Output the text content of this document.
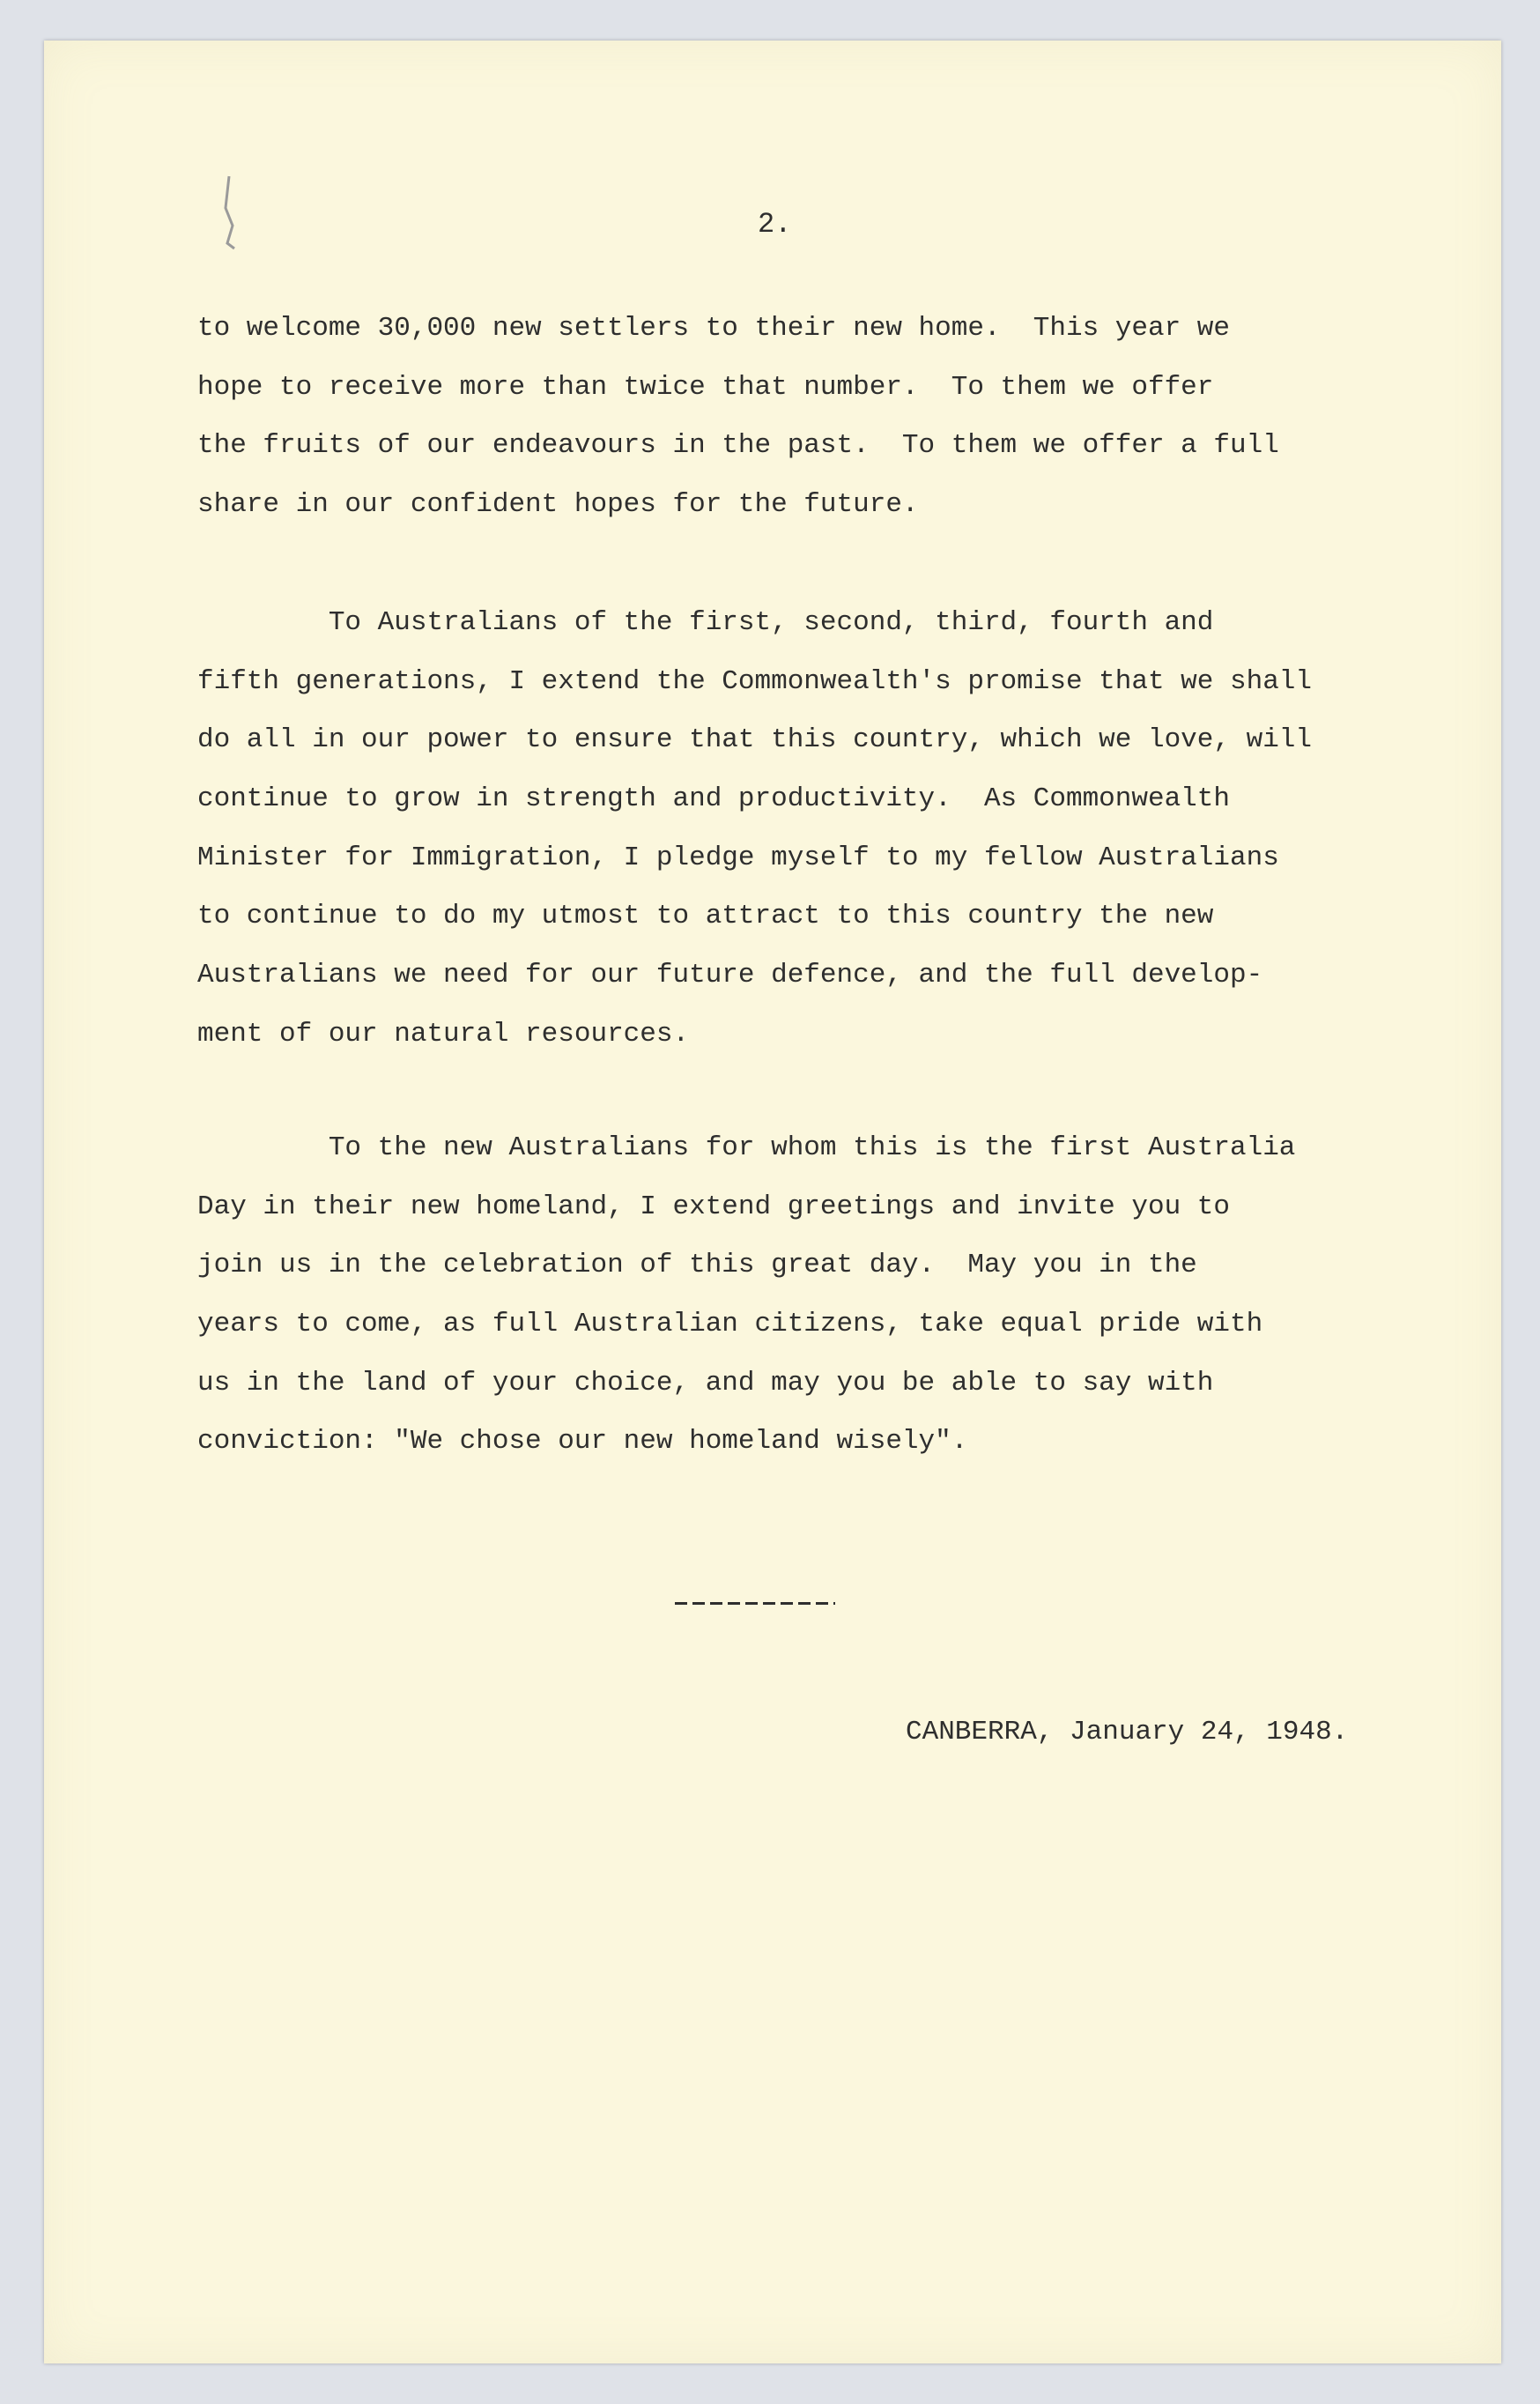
2.
to welcome 30,000 new settlers to their new home.  This year we
hope to receive more than twice that number.  To them we offer
the fruits of our endeavours in the past.  To them we offer a full
share in our confident hopes for the future.
To Australians of the first, second, third, fourth and
fifth generations, I extend the Commonwealth's promise that we shall
do all in our power to ensure that this country, which we love, will
continue to grow in strength and productivity.  As Commonwealth
Minister for Immigration, I pledge myself to my fellow Australians
to continue to do my utmost to attract to this country the new
Australians we need for our future defence, and the full develop-
ment of our natural resources.
To the new Australians for whom this is the first Australia
Day in their new homeland, I extend greetings and invite you to
join us in the celebration of this great day.  May you in the
years to come, as full Australian citizens, take equal pride with
us in the land of your choice, and may you be able to say with
conviction: "We chose our new homeland wisely".
CANBERRA, January 24, 1948.
